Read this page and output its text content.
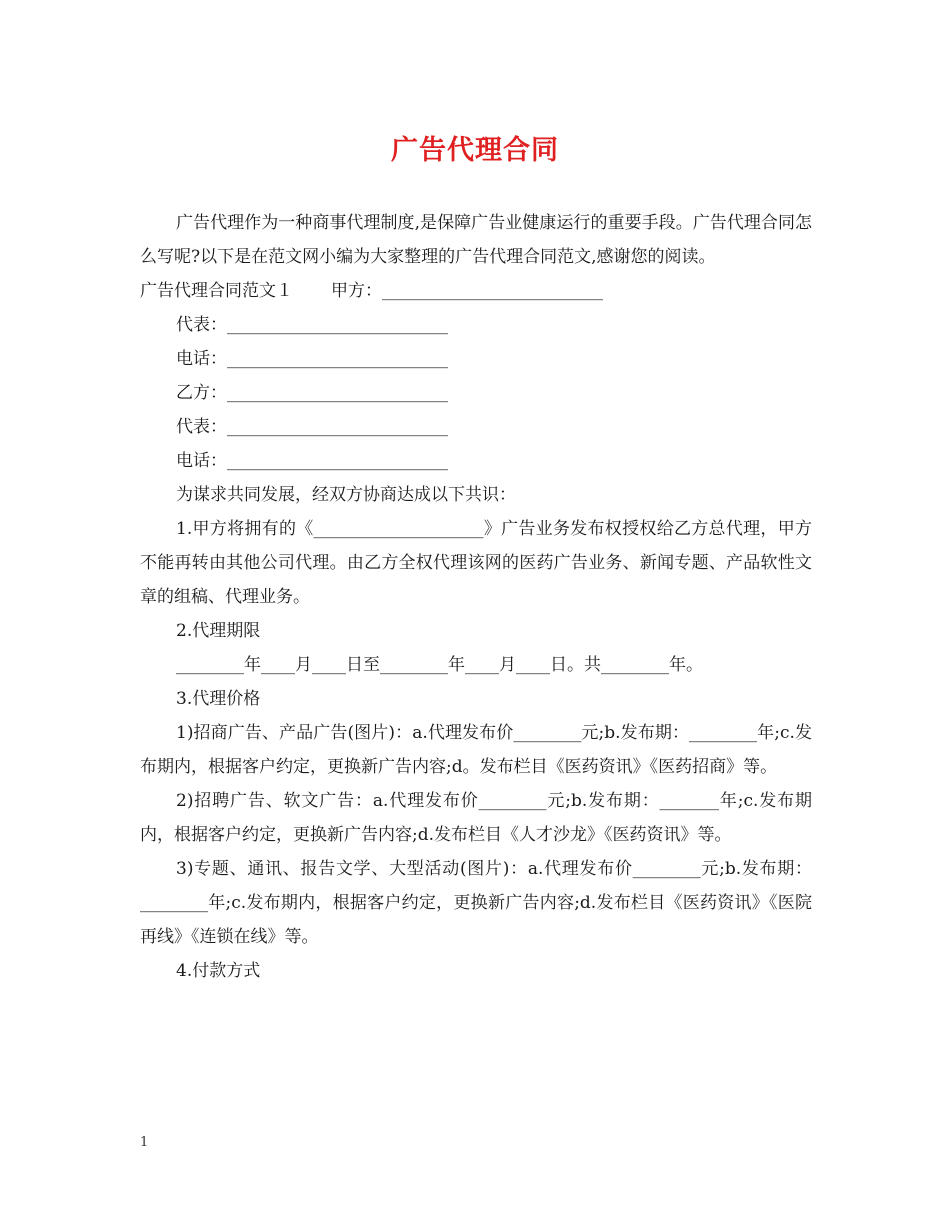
广告代理合同

广告代理作为一种商事代理制度,是保障广告业健康运行的重要手段。广告代理合同怎么写呢?以下是在范文网小编为大家整理的广告代理合同范文,感谢您的阅读。

广告代理合同范文１ 甲方：__________________________

代表：__________________________

电话：__________________________

乙方：__________________________

代表：__________________________

电话：__________________________

为谋求共同发展，经双方协商达成以下共识：

1.甲方将拥有的《____________________》广告业务发布权授权给乙方总代理，甲方不能再转由其他公司代理。由乙方全权代理该网的医药广告业务、新闻专题、产品软性文章的组稿、代理业务。

2.代理期限

________年____月____日至________年____月____日。共________年。

3.代理价格

1)招商广告、产品广告(图片)：a.代理发布价________元;b.发布期：________年;c.发布期内，根据客户约定，更换新广告内容;d。发布栏目《医药资讯》《医药招商》等。

2)招聘广告、软文广告：a.代理发布价________元;b.发布期：_______年;c.发布期内，根据客户约定，更换新广告内容;d.发布栏目《人才沙龙》《医药资讯》等。

3)专题、通讯、报告文学、大型活动(图片)：a.代理发布价________元;b.发布期：________年;c.发布期内，根据客户约定，更换新广告内容;d.发布栏目《医药资讯》《医院再线》《连锁在线》等。

4.付款方式

1
